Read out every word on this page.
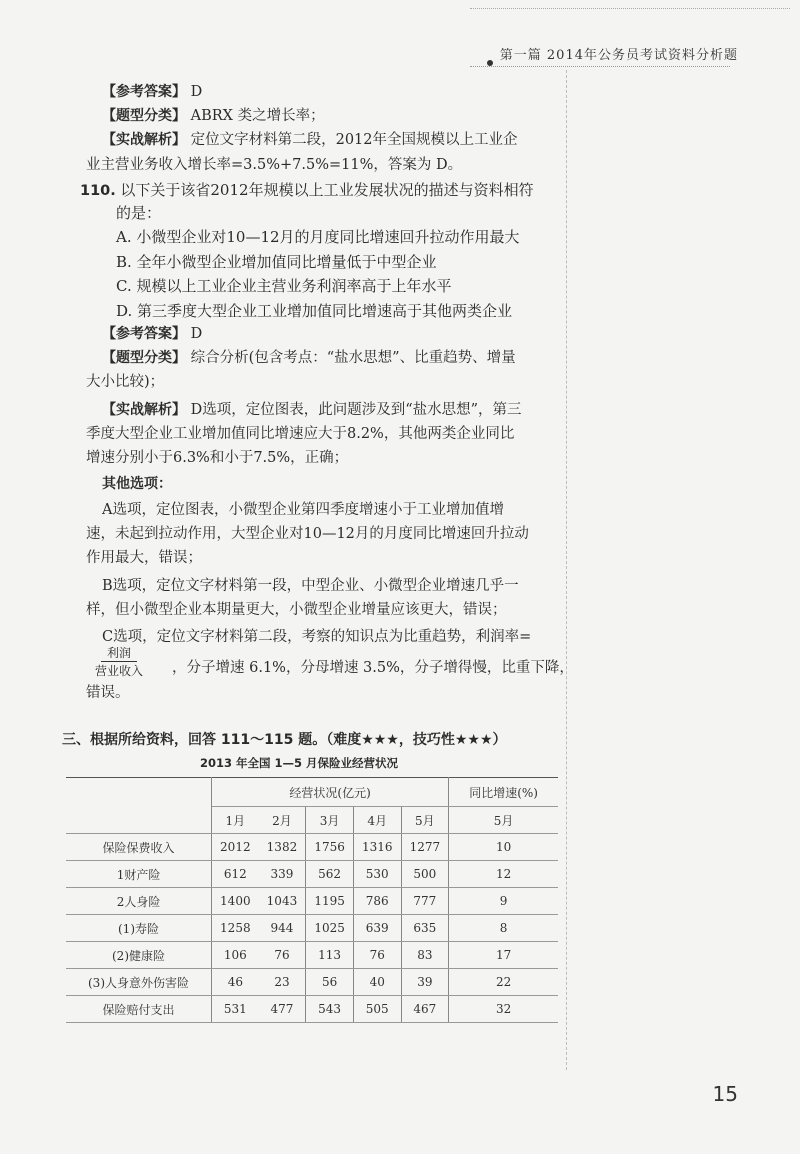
第一篇 2014年公务员考试资料分析题
【参考答案】 D
【题型分类】 ABRX 类之增长率；
【实战解析】 定位文字材料第二段，2012年全国规模以上工业企
业主营业务收入增长率=3.5%+7.5%=11%，答案为 D。
110. 以下关于该省2012年规模以上工业发展状况的描述与资料相符
的是：
A. 小微型企业对10—12月的月度同比增速回升拉动作用最大
B. 全年小微型企业增加值同比增量低于中型企业
C. 规模以上工业企业主营业务利润率高于上年水平
D. 第三季度大型企业工业增加值同比增速高于其他两类企业
【参考答案】 D
【题型分类】 综合分析(包含考点：“盐水思想”、比重趋势、增量
大小比较)；
【实战解析】 D选项，定位图表，此问题涉及到“盐水思想”，第三
季度大型企业工业增加值同比增速应大于8.2%，其他两类企业同比
增速分别小于6.3%和小于7.5%，正确；
其他选项：
A选项，定位图表，小微型企业第四季度增速小于工业增加值增
速，未起到拉动作用，大型企业对10—12月的月度同比增速回升拉动
作用最大，错误；
B选项，定位文字材料第一段，中型企业、小微型企业增速几乎一
样，但小微型企业本期量更大，小微型企业增量应该更大，错误；
C选项，定位文字材料第二段，考察的知识点为比重趋势，利润率=
，分子增速 6.1%，分母增速 3.5%，分子增得慢，比重下降，
错误。
三、根据所给资料，回答 111～115 题。（难度★★★，技巧性★★★）
2013 年全国 1—5 月保险业经营状况
利润
营业收入
	经营状况(亿元)					同比增速(%)
	1月	2月	3月	4月	5月	5月
保险保费收入	2012	1382	1756	1316	1277	10
1财产险	612	339	562	530	500	12
2人身险	1400	1043	1195	786	777	9
(1)寿险	1258	944	1025	639	635	8
(2)健康险	106	76	113	76	83	17
(3)人身意外伤害险	46	23	56	40	39	22
保险赔付支出	531	477	543	505	467	32
15
